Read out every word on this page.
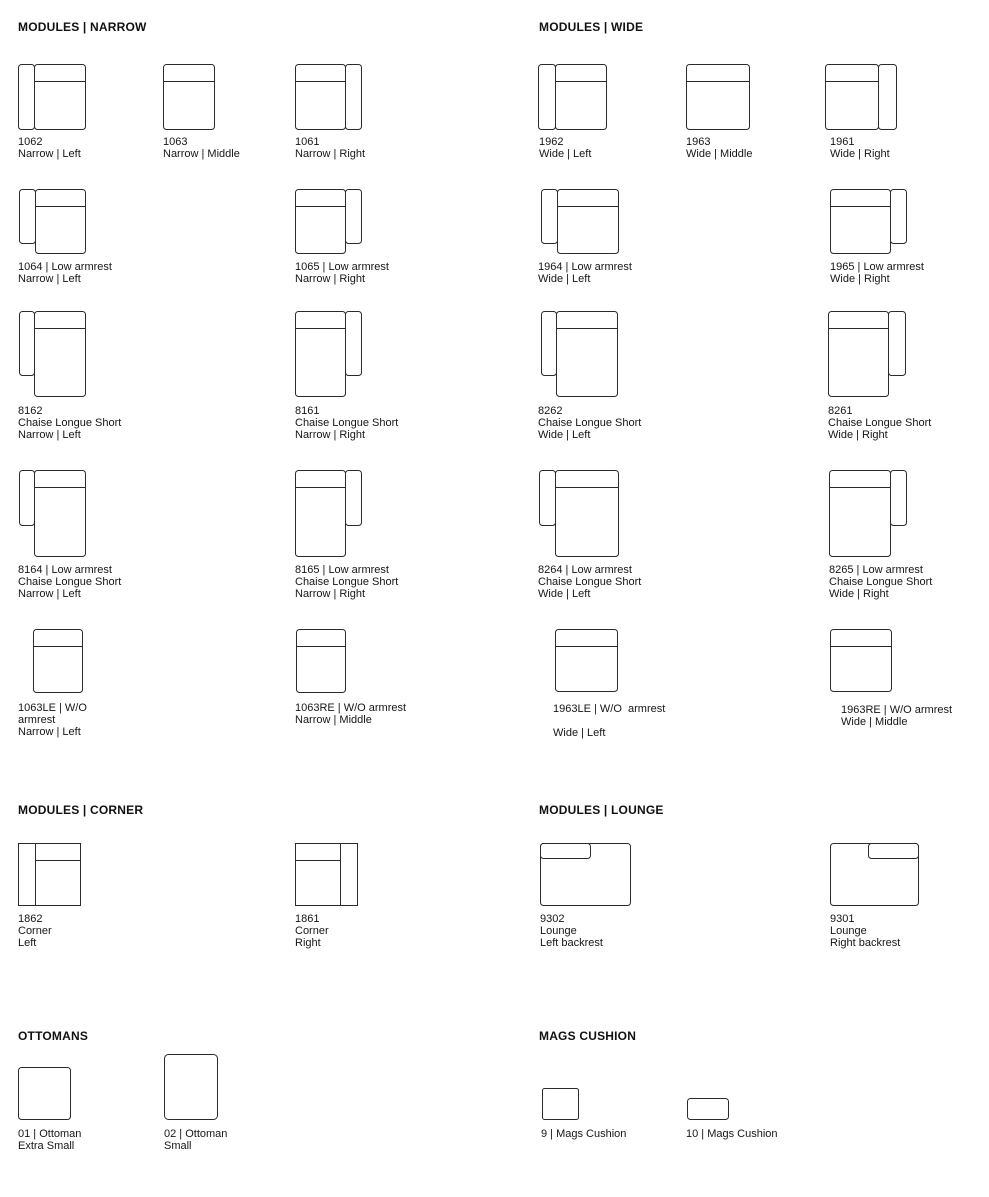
MODULES | NARROW
1062
Narrow | Left
1063
Narrow | Middle
1061
Narrow | Right
1064 | Low armrest
Narrow | Left
1065 | Low armrest
Narrow | Right
8162
Chaise Longue Short
Narrow | Left
8161
Chaise Longue Short
Narrow | Right
8164 | Low armrest
Chaise Longue Short
Narrow | Left
8165 | Low armrest
Chaise Longue Short
Narrow | Right
1063LE | W/O
armrest
Narrow | Left
1063RE | W/O armrest
Narrow | Middle
MODULES | WIDE
1962
Wide | Left
1963
Wide | Middle
1961
Wide | Right
1964 | Low armrest
Wide | Left
1965 | Low armrest
Wide | Right
8262
Chaise Longue Short
Wide | Left
8261
Chaise Longue Short
Wide | Right
8264 | Low armrest
Chaise Longue Short
Wide | Left
8265 | Low armrest
Chaise Longue Short
Wide | Right
1963LE | W/O  armrest
Wide | Left
1963RE | W/O armrest
Wide | Middle
MODULES | CORNER
1862
Corner
Left
1861
Corner
Right
MODULES | LOUNGE
9302
Lounge
Left backrest
9301
Lounge
Right backrest
OTTOMANS
01 | Ottoman
Extra Small
02 | Ottoman
Small
MAGS CUSHION
9 | Mags Cushion	10 | Mags Cushion
